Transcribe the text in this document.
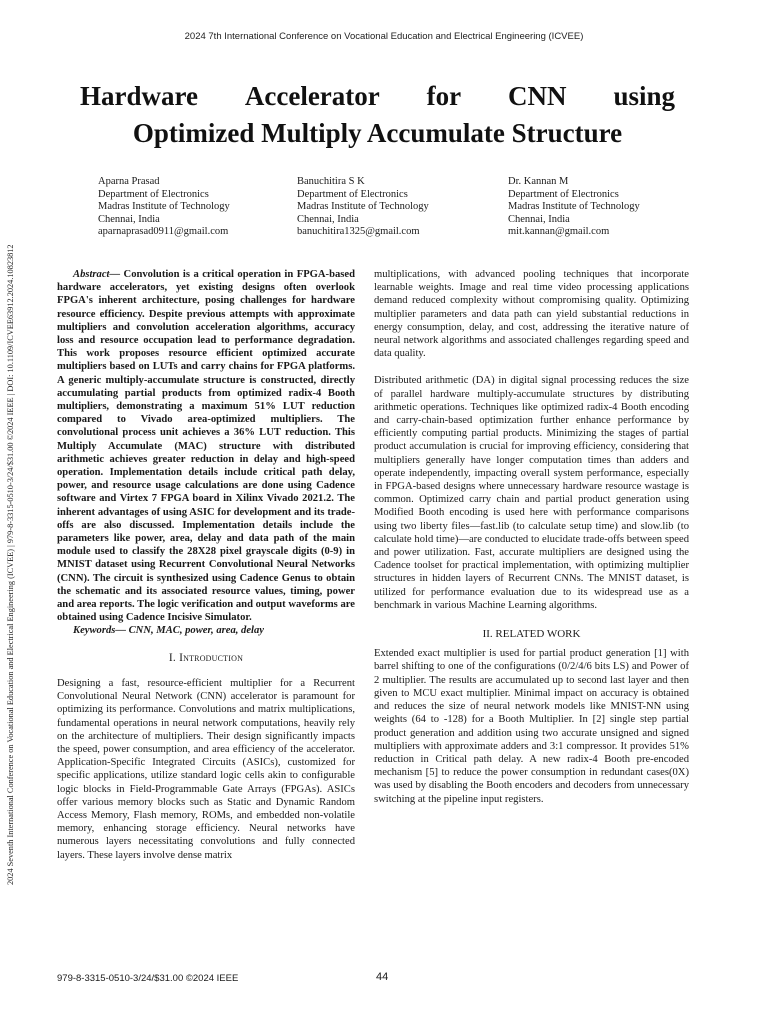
2024 7th International Conference on Vocational Education and Electrical Engineering (ICVEE)
2024 Seventh International Conference on Vocational Education and Electrical Engineering (ICVEE) | 979-8-3315-0510-3/24/$31.00 ©2024 IEEE | DOI: 10.1109/ICVEE63912.2024.10823812
Hardware Accelerator for CNN using
Optimized Multiply Accumulate Structure
Aparna Prasad
Department of Electronics
Madras Institute of Technology
Chennai, India
aparnaprasad0911@gmail.com
Banuchitira S K
Department of Electronics
Madras Institute of Technology
Chennai, India
banuchitira1325@gmail.com
Dr. Kannan M
Department of Electronics
Madras Institute of Technology
Chennai, India
mit.kannan@gmail.com

Abstract— Convolution is a critical operation in FPGA-based hardware accelerators, yet existing designs often overlook FPGA's inherent architecture, posing challenges for hardware resource efficiency. Despite previous attempts with approximate multipliers and convolution acceleration algorithms, accuracy loss and resource occupation lead to performance degradation. This work proposes resource efficient optimized accurate multipliers based on LUTs and carry chains for FPGA platforms. A generic multiply-accumulate structure is constructed, directly accumulating partial products from optimized radix-4 Booth multipliers, demonstrating a maximum 51% LUT reduction compared to Vivado area-optimized multipliers. The convolutional process unit achieves a 36% LUT reduction. This Multiply Accumulate (MAC) structure with distributed arithmetic achieves greater reduction in delay and high-speed operation. Implementation details include critical path delay, power, and resource usage calculations are done using Cadence software and Virtex 7 FPGA board in Xilinx Vivado 2021.2. The inherent advantages of using ASIC for development and its trade-offs are also discussed. Implementation details include the parameters like power, area, delay and data path of the main module used to classify the 28X28 pixel grayscale digits (0-9) in MNIST dataset using Recurrent Convolutional Neural Networks (CNN). The circuit is synthesized using Cadence Genus to obtain the schematic and its associated resource values, timing, power and area reports. The logic verification and output waveforms are obtained using Cadence Incisive Simulator.

Keywords— CNN, MAC, power, area, delay

I. Introduction

Designing a fast, resource-efficient multiplier for a Recurrent Convolutional Neural Network (CNN) accelerator is paramount for optimizing its performance. Convolutions and matrix multiplications, fundamental operations in neural network computations, heavily rely on the architecture of multipliers. Their design significantly impacts the speed, power consumption, and area efficiency of the accelerator. Application-Specific Integrated Circuits (ASICs), customized for specific applications, utilize standard logic cells akin to configurable logic blocks in Field-Programmable Gate Arrays (FPGAs). ASICs offer various memory blocks such as Static and Dynamic Random Access Memory, Flash memory, ROMs, and embedded non-volatile memory, enhancing storage efficiency. Neural networks have numerous layers necessitating convolutions and fully connected layers. These layers involve dense matrix

multiplications, with advanced pooling techniques that incorporate learnable weights. Image and real time video processing applications demand reduced complexity without compromising quality. Optimizing multiplier parameters and data path can yield substantial reductions in energy consumption, delay, and cost, addressing the iterative nature of neural network algorithms and associated challenges regarding speed and data quality.

Distributed arithmetic (DA) in digital signal processing reduces the size of parallel hardware multiply-accumulate structures by distributing arithmetic operations. Techniques like optimized radix-4 Booth encoding and carry-chain-based optimization further enhance performance by efficiently computing partial products. Minimizing the stages of partial product accumulation is crucial for improving efficiency, considering that multipliers generally have longer computation times than adders and operate independently, impacting overall system performance, especially in FPGA-based designs where unnecessary hardware resource wastage is common. Optimized carry chain and partial product generation using Modified Booth encoding is used here with performance comparisons using two liberty files—fast.lib (to calculate setup time) and slow.lib (to calculate hold time)—are conducted to elucidate trade-offs between speed and power utilization. Fast, accurate multipliers are designed using the Cadence toolset for practical implementation, with optimizing multiplier structures in hidden layers of Recurrent CNNs. The MNIST dataset, is utilized for performance evaluation due to its widespread use as a benchmark in various Machine Learning algorithms.

II. RELATED WORK

Extended exact multiplier is used for partial product generation [1] with barrel shifting to one of the configurations (0/2/4/6 bits LS) and Power of 2 multiplier. The results are accumulated up to second last layer and then given to MCU exact multiplier. Minimal impact on accuracy is obtained and reduces the size of neural network models like MNIST-NN using weights (64 to -128) for a Booth Multiplier. In [2] single step partial product generation and addition using two accurate unsigned and signed multipliers with approximate adders and 3:1 compressor. It provides 51% reduction in Critical path delay. A new radix-4 Booth pre-encoded mechanism [5] to reduce the power consumption in redundant cases(0X) was used by disabling the Booth encoders and decoders from unnecessary switching at the pipeline input registers.

979-8-3315-0510-3/24/$31.00 ©2024 IEEE	44
